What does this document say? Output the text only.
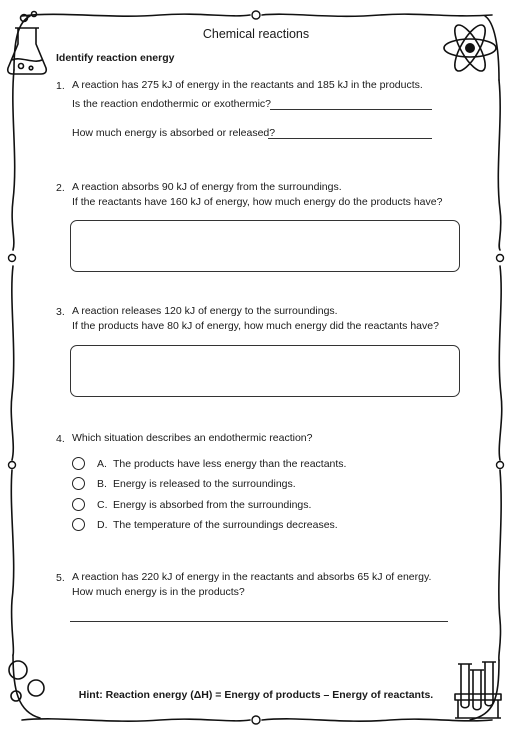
Chemical reactions
Identify reaction energy
1. A reaction has 275 kJ of energy in the reactants and 185 kJ in the products.
Is the reaction endothermic or exothermic?
How much energy is absorbed or released?
2. A reaction absorbs 90 kJ of energy from the surroundings.
If the reactants have 160 kJ of energy, how much energy do the products have?
3. A reaction releases 120 kJ of energy to the surroundings.
If the products have 80 kJ of energy, how much energy did the reactants have?
4. Which situation describes an endothermic reaction?
A. The products have less energy than the reactants.
B. Energy is released to the surroundings.
C. Energy is absorbed from the surroundings.
D. The temperature of the surroundings decreases.
5. A reaction has 220 kJ of energy in the reactants and absorbs 65 kJ of energy.
How much energy is in the products?
Hint: Reaction energy (ΔH) = Energy of products – Energy of reactants.
